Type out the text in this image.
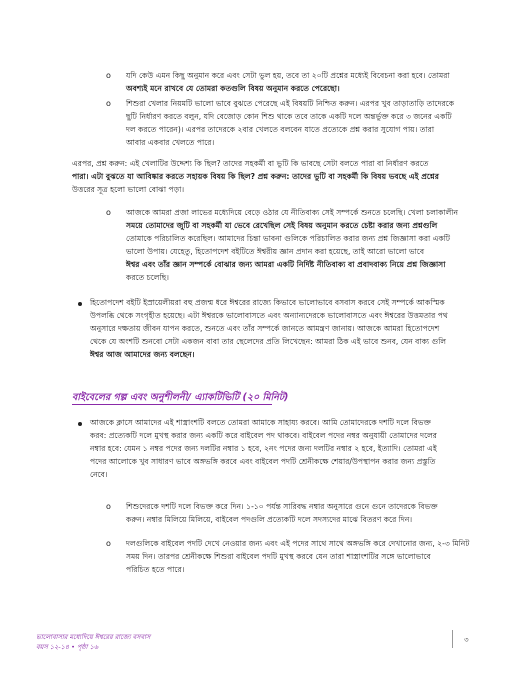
o যদি কেউ এমন কিছু অনুমান করে এবং সেটা ভুল হয়, তবে তা ২০টি প্রশ্নের মধ্যেই বিবেচনা করা হবে। তোমরা
অবশ্যই মনে রাখবে যে তোমরা কতগুলি বিষয় অনুমান করতে পেরেছো।
o শিশুরা খেলার নিয়মটি ভালো ভাবে বুঝতে পেরেছে এই বিষয়টি নিশ্চিত করুন। এরপর খুব তাড়াতাড়ি তাদেরকে
ছুটি নির্ধারণ করতে বলুন, যদি বেজোড় কোন শিশু থাকে তবে তাকে একটি দলে অন্তর্ভুক্ত করে ৩ জনের একটি
দল করতে পারেন)। এরপর তাদেরকে ২বার খেলতে বলবেন যাতে প্রত্যেকে প্রশ্ন করার সুযোগ পায়। তারা
আবার একবার খেলতে পারে।
এরপর, প্রশ্ন করুন: এই খেলাটির উদ্দেশ্য কি ছিল? তাদের সহকর্মী বা ভুটি কি ভাবছে সেটা বলতে পারা বা নির্ধারণ করতে
পারা। এটা বুঝতে যা আবিষ্কার করতে সহায়ক বিষয় কি ছিল? প্রশ্ন করুন: তাদের ভুটি বা সহকর্মী কি বিষয় ভবছে এই প্রশ্নের
উত্তরের সূত্র হলো ভালো বোঝা পড়া।
o আজকে আমরা প্রজা লাভের মধ্যেদিয়ে বেড়ে ওঠার যে নীতিবাক্য সেই সম্পর্কে শুনতে চলেছি। খেলা চলাকালীন
সময়ে তোমাদের জুটি বা সহকর্মী যা ভেবে রেখেছিল সেই বিষয় অনুমান করতে চেষ্টা করার জন্য প্রশ্নগুলি
তোমাকে পরিচালিত করেছিল। আমাদের চিন্তা ভাবনা গুলিকে পরিচালিত করার জন্য প্রশ্ন জিজ্ঞাসা করা একটি
ভালো উপায়। যেহেতু, হিতোপদেশ বইটিতে ঈশ্বরীয় জ্ঞান প্রদান করা হয়েছে, তাই আরো ভালো ভাবে
ঈশ্বর এবং তাঁর জ্ঞান সম্পর্কে বোঝার জন্য আমরা একটি নির্দিষ্ট নীতিবাক্য বা প্রবাদবাক্য নিয়ে প্রশ্ন জিজ্ঞাসা
করতে চলেছি।
হিতোপদেশ বইটি ইস্রায়েলীয়রা বহু প্রজন্ম ধরে ঈশ্বরের রাজ্যে কিভাবে ভালোভাবে বসবাস করবে সেই সম্পর্কে আকস্মিক
উপলব্ধি থেকে সংগৃহীত হয়েছে। এটা ঈশ্বরকে ভালোবাসতে এবং অন্যান্যদেরকে ভালোবাসতে এবং ঈশ্বরের উত্তমতার পথ
অনুসারে দক্ষতায় জীবন যাপন করতে, শুনতে এবং তাঁর সম্পর্কে জানতে আমন্ত্রণ জানায়। আজকে আমরা হিতোপদেশ
থেকে যে অংশটি শুনবো সেটা একজন বাবা তার ছেলেদের প্রতি লিখেছেন: আমরা ঠিক এই ভাবে শুনব, যেন বাক্য গুলি
ঈশ্বর আজ আমাদের জন্য বলছেন।
বাইবেলের গল্প এবং অনুশীলনী/ এ্যাকটিভিটি (২০ মিনিট)
আজকে ক্লাসে আমাদের এই শাস্ত্রাংশটি বলতে তোমরা আমাকে সাহায্য করবে। আমি তোমাদেরকে দশটি দলে বিভক্ত
করব: প্রত্যেকটি দলে মুখস্থ করার জন্য একটি করে বাইবেল পদ থাকবে। বাইবেল পদের নম্বর অনুযায়ী তোমাদের দলের
নম্বার হবে: যেমন ১ নম্বর পদের জন্য দলটির নম্বার ১ হবে, ২নং পদের জন্য দলটির নম্বার ২ হবে, ইত্যাদি। তোমরা এই
পদের আলোকে খুব সাধারণ ভাবে অঙ্গভঙ্গি করবে এবং বাইবেল পদটি শ্রেনীকক্ষে শেয়ার/উপস্থাপন করার জন্য প্রস্তুতি
নেবে।
o শিশুদেরকে দশটি দলে বিভক্ত করে দিন। ১-১০ পর্যন্ত সারিবদ্ধ নম্বার অনুসারে গুনে গুনে তাদেরকে বিভক্ত
করুন। নম্বার মিলিয়ে মিলিয়ে, বাইবেল পদগুলি প্রত্যেকটি দলে সদস্যদের মাঝে বিতরণ করে দিন।
o দলগুলিকে বাইবেল পদটি দেখে নেওয়ার জন্য এবং এই পদের সাথে সাথে অঙ্গভঙ্গি করে দেখানোর জন্য, ২-৩ মিনিট
সময় দিন। তারপর শ্রেনীকক্ষে শিশুরা বাইবেল পদটি মুখস্থ করবে যেন তারা শাস্ত্রাংশটির সঙ্গে ভালোভাবে
পরিচিত হতে পারে।
ভালোবাসার মধ্যেদিয়ে ঈশ্বরের রাজ্যে বসবাস
বয়স ১২-১৪ • পৃষ্ঠা ১৬
৩
